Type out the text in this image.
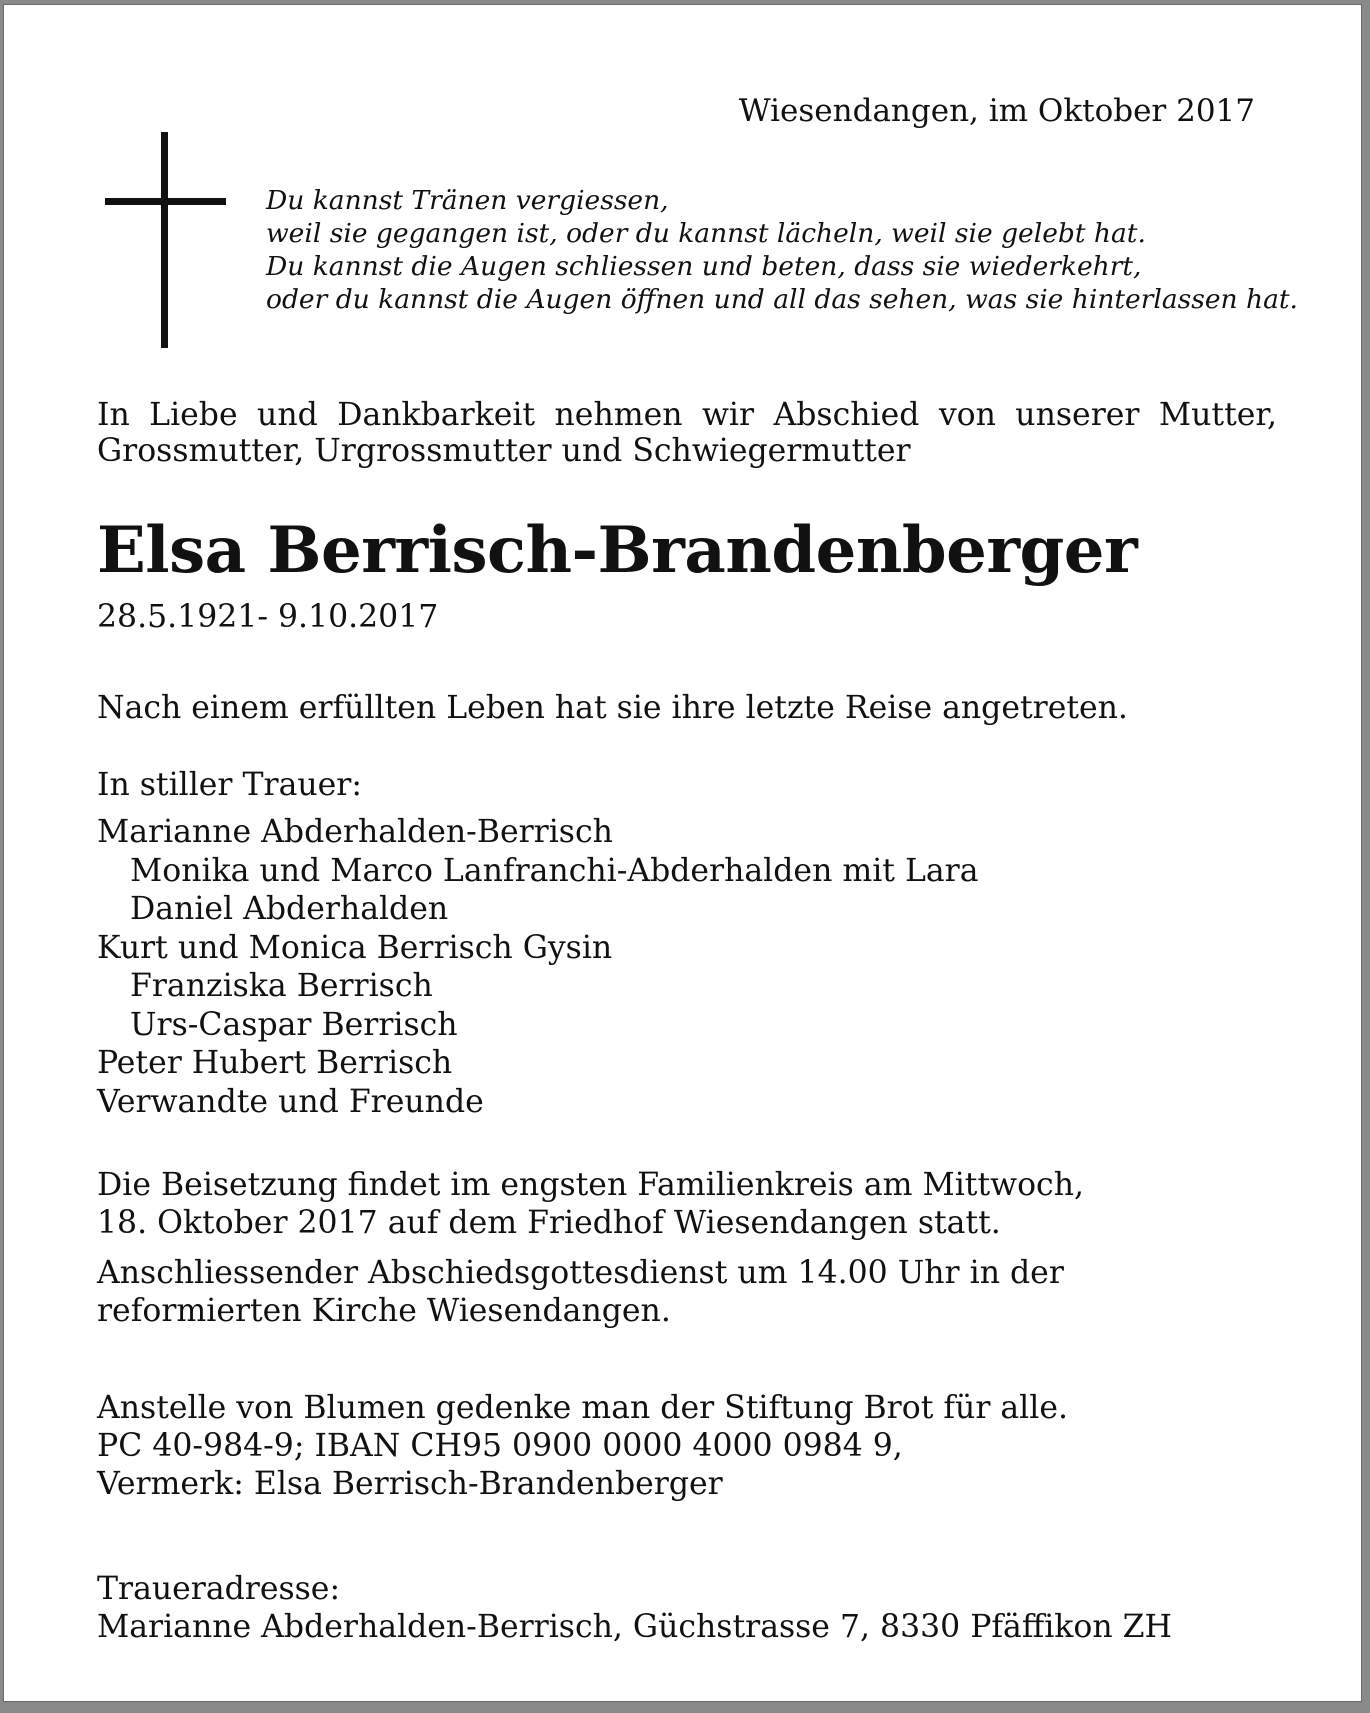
Wiesendangen, im Oktober 2017
Du kannst Tränen vergiessen,
weil sie gegangen ist, oder du kannst lächeln, weil sie gelebt hat.
Du kannst die Augen schliessen und beten, dass sie wiederkehrt,
oder du kannst die Augen öffnen und all das sehen, was sie hinterlassen hat.
In Liebe und Dankbarkeit nehmen wir Abschied von unserer Mutter,
Grossmutter, Urgrossmutter und Schwiegermutter
Elsa Berrisch-Brandenberger
28.5.1921- 9.10.2017
Nach einem erfüllten Leben hat sie ihre letzte Reise angetreten.
In stiller Trauer:
Marianne Abderhalden-Berrisch
Monika und Marco Lanfranchi-Abderhalden mit Lara
Daniel Abderhalden
Kurt und Monica Berrisch Gysin
Franziska Berrisch
Urs-Caspar Berrisch
Peter Hubert Berrisch
Verwandte und Freunde
Die Beisetzung findet im engsten Familienkreis am Mittwoch,
18. Oktober 2017 auf dem Friedhof Wiesendangen statt.
Anschliessender Abschiedsgottesdienst um 14.00 Uhr in der
reformierten Kirche Wiesendangen.
Anstelle von Blumen gedenke man der Stiftung Brot für alle.
PC 40-984-9; IBAN CH95 0900 0000 4000 0984 9,
Vermerk: Elsa Berrisch-Brandenberger
Traueradresse:
Marianne Abderhalden-Berrisch, Güchstrasse 7, 8330 Pfäffikon ZH
